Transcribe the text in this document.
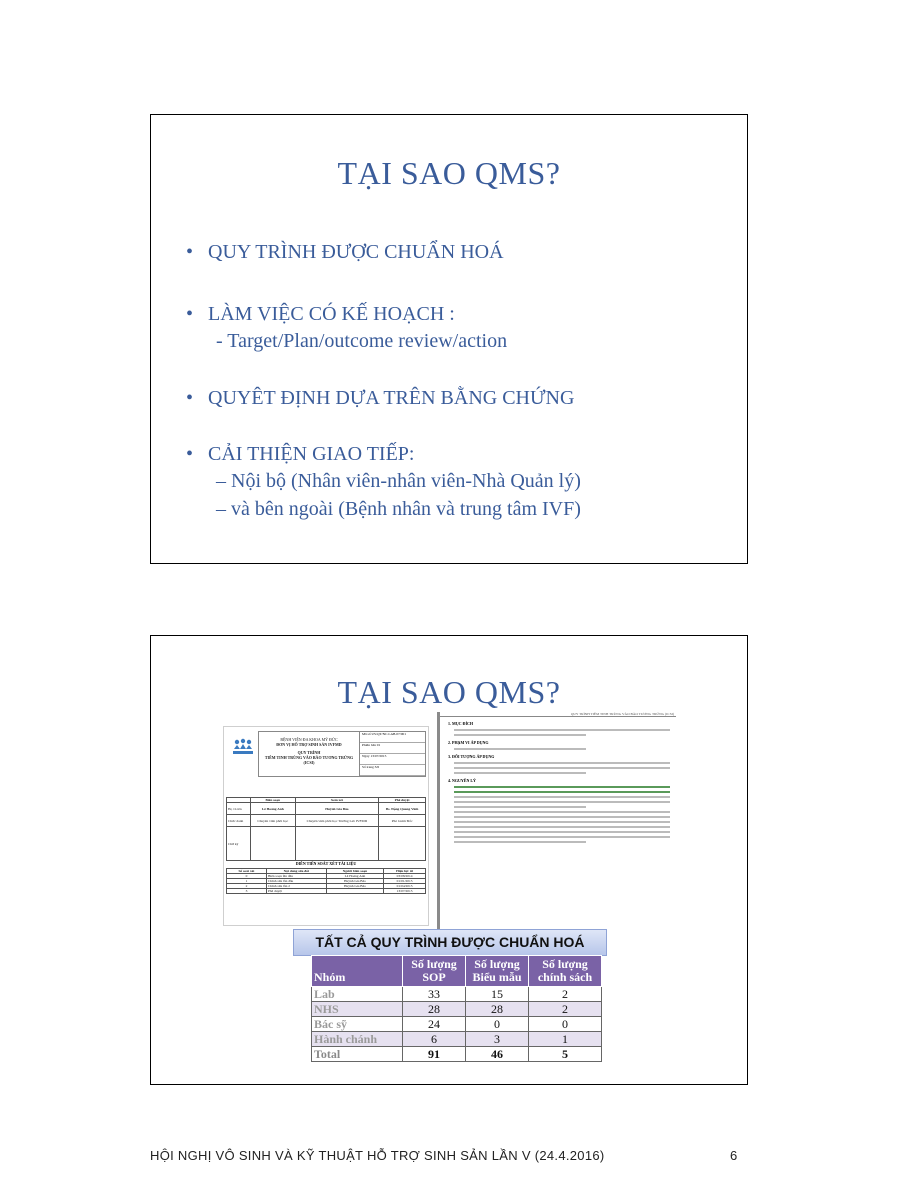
TẠI SAO QMS?
• QUY TRÌNH ĐƯỢC CHUẨN HOÁ
• LÀM VIỆC CÓ KẾ HOẠCH :
- Target/Plan/outcome review/action
• QUYÊT ĐỊNH DỰA TRÊN BẰNG CHỨNG
• CẢI THIỆN GIAO TIẾP:
– Nội bộ (Nhân viên-nhân viên-Nhà Quản lý)
– và bên ngoài (Bệnh nhân và trung tâm IVF)
TẠI SAO QMS?
BỆNH VIỆN ĐA KHOA MỸ ĐỨC
ĐƠN VỊ HỖ TRỢ SINH SẢN IVFMD
QUY TRÌNH
TIÊM TINH TRÙNG VÀO BÀO TƯƠNG TRỨNG (ICSI)
Mã số US/QT/NC.LAB.07/001
Phiên bản 01
Ngày 13/07/2015
Số trang 3/6
	Biên soạn	Xem xét	Phê duyệt
Họ và tên	Lê Hoàng Anh	Huỳnh Gia Bảo	Bs. Đặng Quang Vinh
Chức danh	Chuyên viên phôi học	Chuyên viên phôi học Trưởng Lab IVFMD	Phó Giám Đốc
Chữ ký			
DIỄN TIẾN SOÁT XÉT TÀI LIỆU
Số soát xét	Nội dung sửa đổi	Người biên soạn	Hiệu lực từ
0	Biên soạn lần đầu	Lê Hoàng Anh	03/08/2014
1	Chỉnh sửa lần đầu	Huỳnh Gia Bảo	01/01/2015
2	Chỉnh sửa lần 2	Huỳnh Gia Bảo	01/04/2015
3	Phê duyệt		13/07/2015
QUY TRÌNH TIÊM TINH TRÙNG VÀO BÀO TƯƠNG TRỨNG (ICSI)
1. MỤC ĐÍCH
2. PHẠM VI ÁP DỤNG
3. ĐỐI TƯỢNG ÁP DỤNG
4. NGUYÊN LÝ
TẤT CẢ QUY TRÌNH ĐƯỢC CHUẨN HOÁ
Nhóm	Số lượng SOP	Số lượng Biểu mẫu	Số lượng chính sách
Lab	33	15	2
NHS	28	28	2
Bác sỹ	24	0	0
Hành chánh	6	3	1
Total	91	46	5
HỘI NGHỊ VÔ SINH VÀ KỸ THUẬT HỖ TRỢ SINH SẢN LẦN V (24.4.2016)	6
